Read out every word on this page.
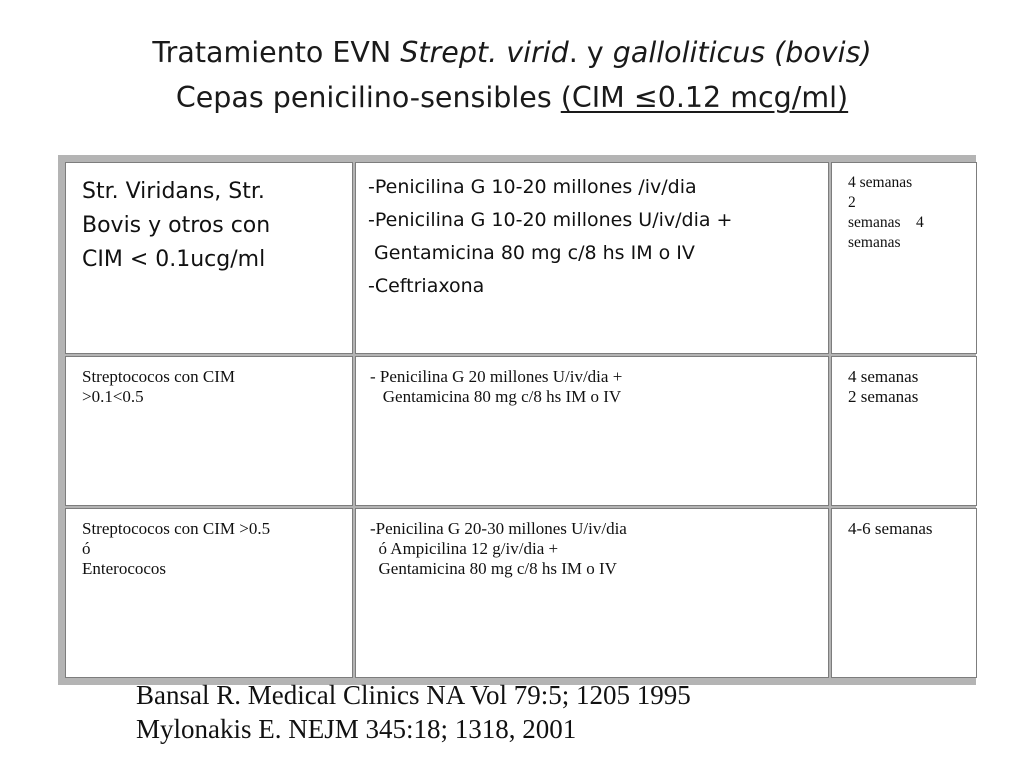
Tratamiento EVN Strept. virid. y galloliticus (bovis)
Cepas penicilino-sensibles (CIM ≤0.12 mcg/ml)
Str. Viridans, Str.
Bovis y otros con
CIM < 0.1ucg/ml	-Penicilina G 10-20 millones /iv/dia
-Penicilina G 10-20 millones U/iv/dia +
Gentamicina 80 mg c/8 hs IM o IV
-Ceftriaxona	4 semanas
2
semanas    4
semanas

Streptococos con CIM
>0.1<0.5	- Penicilina G 20 millones U/iv/dia +
Gentamicina 80 mg c/8 hs IM o IV	4 semanas
2 semanas

Streptococos con CIM >0.5
ó
Enterococos	-Penicilina G 20-30 millones U/iv/dia
ó Ampicilina 12 g/iv/dia +
Gentamicina 80 mg c/8 hs IM o IV	4-6 semanas
Bansal R. Medical Clinics NA Vol 79:5; 1205 1995
Mylonakis E. NEJM 345:18; 1318, 2001
